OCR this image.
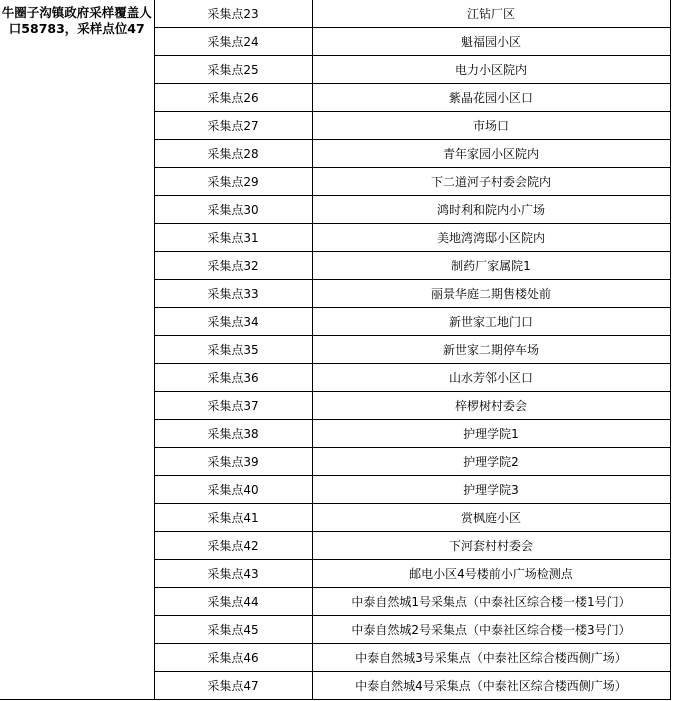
牛圈子沟镇政府采样覆盖人口58783，采样点位47	采集点23	江钻厂区
	采集点24	魁福园小区
	采集点25	电力小区院内
	采集点26	紫晶花园小区口
	采集点27	市场口
	采集点28	青年家园小区院内
	采集点29	下二道河子村委会院内
	采集点30	鸿时利和院内小广场
	采集点31	美地湾湾邸小区院内
	采集点32	制药厂家属院1
	采集点33	丽景华庭二期售楼处前
	采集点34	新世家工地门口
	采集点35	新世家二期停车场
	采集点36	山水芳邻小区口
	采集点37	梓椤树村委会
	采集点38	护理学院1
	采集点39	护理学院2
	采集点40	护理学院3
	采集点41	赏枫庭小区
	采集点42	下河套村村委会
	采集点43	邮电小区4号楼前小广场检测点
	采集点44	中泰自然城1号采集点（中泰社区综合楼一楼1号门）
	采集点45	中泰自然城2号采集点（中泰社区综合楼一楼3号门）
	采集点46	中泰自然城3号采集点（中泰社区综合楼西侧广场）
	采集点47	中泰自然城4号采集点（中泰社区综合楼西侧广场）
